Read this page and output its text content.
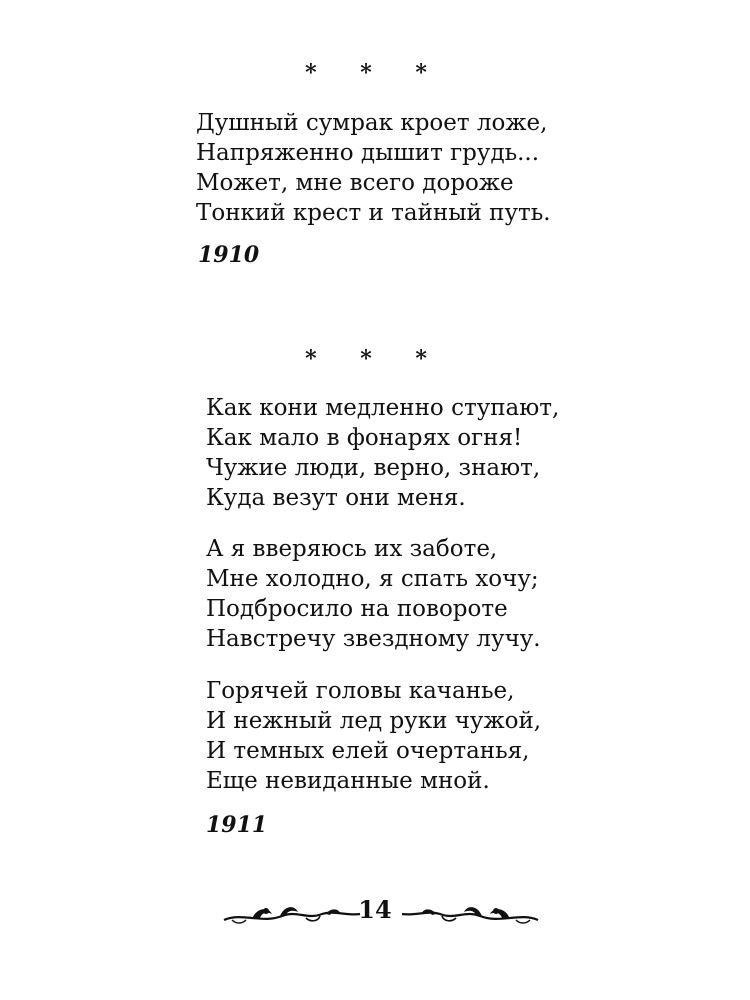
* * *
Душный сумрак кроет ложе,
Напряженно дышит грудь...
Может, мне всего дороже
Тонкий крест и тайный путь.
1910
* * *
Как кони медленно ступают,
Как мало в фонарях огня!
Чужие люди, верно, знают,
Куда везут они меня.
А я вверяюсь их заботе,
Мне холодно, я спать хочу;
Подбросило на повороте
Навстречу звездному лучу.
Горячей головы качанье,
И нежный лед руки чужой,
И темных елей очертанья,
Еще невиданные мной.
1911
14
